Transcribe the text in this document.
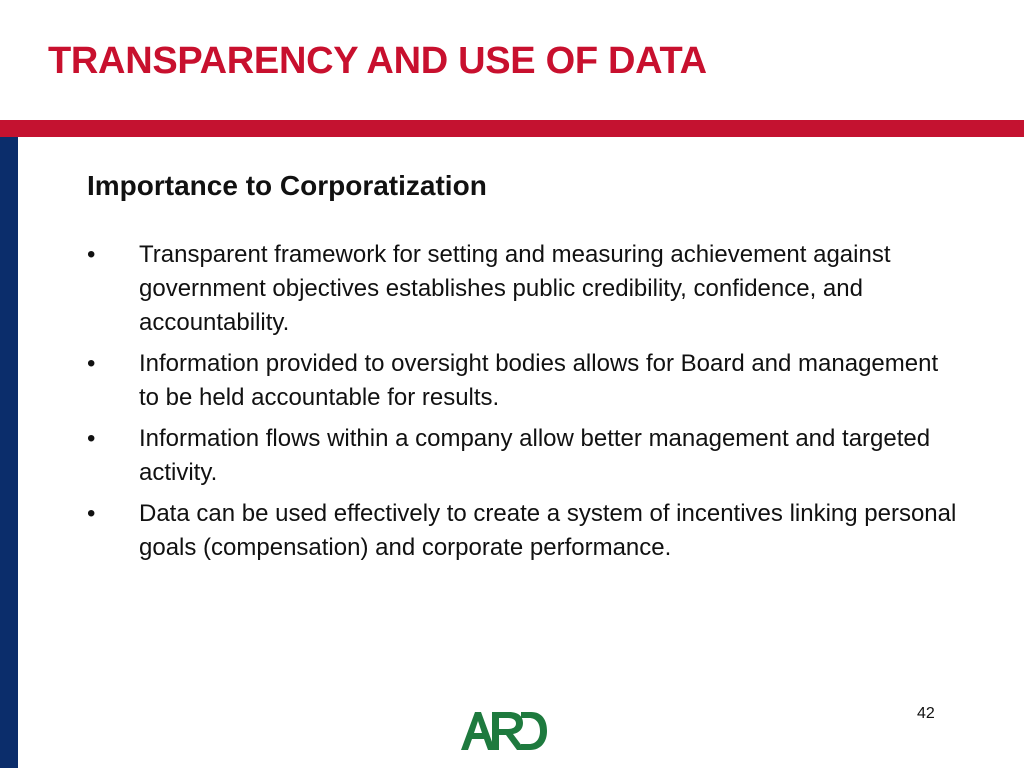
TRANSPARENCY AND USE OF DATA
Importance to Corporatization
•	Transparent framework for setting and measuring achievement against government objectives establishes public credibility, confidence, and accountability.
•	Information provided to oversight bodies allows for Board and management to be held accountable for results.
•	Information flows within a company allow better management and targeted activity.
•	Data can be used effectively to create a system of incentives linking personal goals (compensation) and corporate performance.
42
